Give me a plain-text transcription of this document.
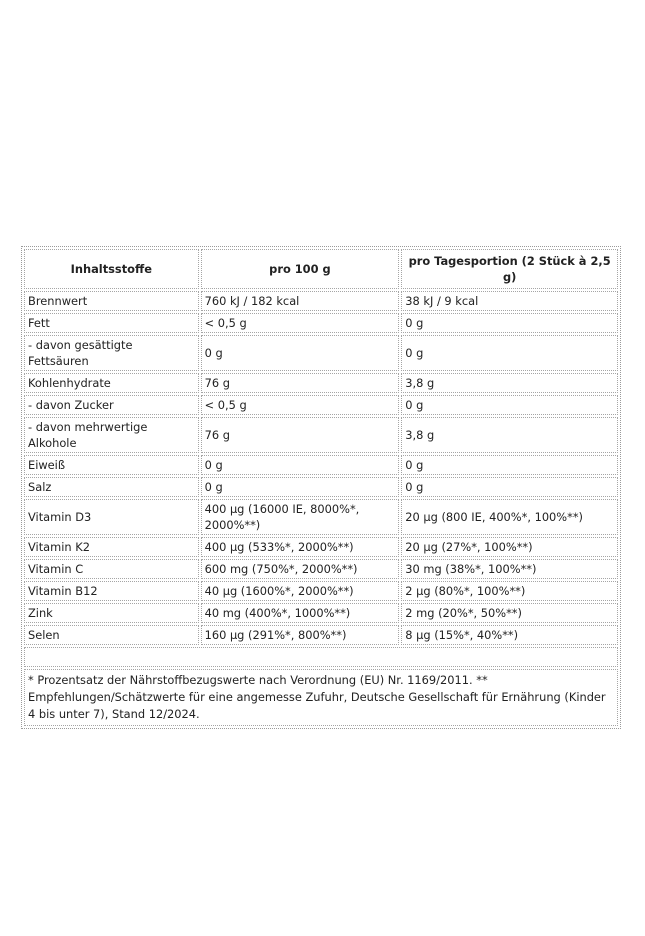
Inhaltsstoffe	pro 100 g	pro Tagesportion (2 Stück à 2,5 g)
Brennwert	760 kJ / 182 kcal	38 kJ / 9 kcal
Fett	< 0,5 g	0 g
- davon gesättigte Fettsäuren	0 g	0 g
Kohlenhydrate	76 g	3,8 g
- davon Zucker	< 0,5 g	0 g
- davon mehrwertige Alkohole	76 g	3,8 g
Eiweiß	0 g	0 g
Salz	0 g	0 g
Vitamin D3	400 µg (16000 IE, 8000%*, 2000%**)	20 µg (800 IE, 400%*, 100%**)
Vitamin K2	400 µg (533%*, 2000%**)	20 µg (27%*, 100%**)
Vitamin C	600 mg (750%*, 2000%**)	30 mg (38%*, 100%**)
Vitamin B12	40 µg (1600%*, 2000%**)	2 µg (80%*, 100%**)
Zink	40 mg (400%*, 1000%**)	2 mg (20%*, 50%**)
Selen	160 µg (291%*, 800%**)	8 µg (15%*, 40%**)

* Prozentsatz der Nährstoffbezugswerte nach Verordnung (EU) Nr. 1169/2011. ** Empfehlungen/Schätzwerte für eine angemesse Zufuhr, Deutsche Gesellschaft für Ernährung (Kinder 4 bis unter 7), Stand 12/2024.		
